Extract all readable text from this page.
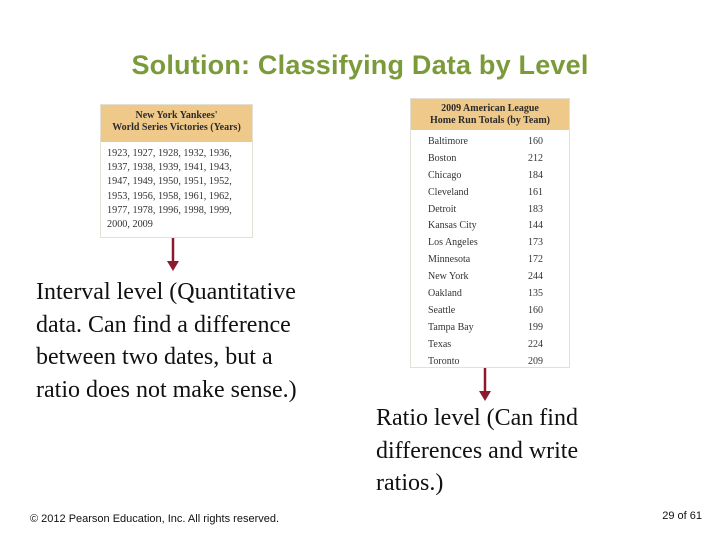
Solution: Classifying Data by Level
New York Yankees'
World Series Victories (Years)
1923, 1927, 1928, 1932, 1936,
1937, 1938, 1939, 1941, 1943,
1947, 1949, 1950, 1951, 1952,
1953, 1956, 1958, 1961, 1962,
1977, 1978, 1996, 1998, 1999,
2000, 2009
Interval level (Quantitative
data. Can find a difference
between two dates, but a
ratio does not make sense.)
2009 American League
Home Run Totals (by Team)
Baltimore	160
Boston	212
Chicago	184
Cleveland	161
Detroit	183
Kansas City	144
Los Angeles	173
Minnesota	172
New York	244
Oakland	135
Seattle	160
Tampa Bay	199
Texas	224
Toronto	209
Ratio level (Can find
differences and write
ratios.)
© 2012 Pearson Education, Inc. All rights reserved.	29 of 61
